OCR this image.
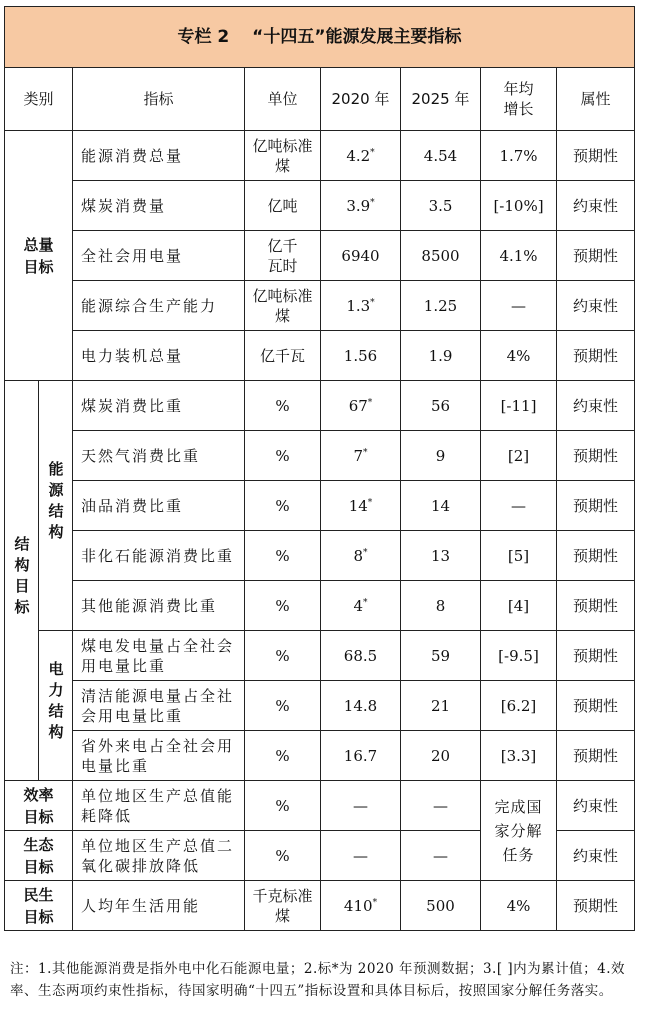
专栏 2　 “十四五”能源发展主要指标							
类别		指标	单位	2020 年	2025 年	年均增长	属性
总量目标		能源消费总量	亿吨标准煤	4.2*	4.54	1.7%	预期性
		煤炭消费量	亿吨	3.9*	3.5	[-10%]	约束性
		全社会用电量	亿千瓦时	6940	8500	4.1%	预期性
		能源综合生产能力	亿吨标准煤	1.3*	1.25	—	约束性
		电力装机总量	亿千瓦	1.56	1.9	4%	预期性
结构目标	能源结构	煤炭消费比重	%	67*	56	[-11]	约束性
		天然气消费比重	%	7*	9	[2]	预期性
		油品消费比重	%	14*	14	—	预期性
		非化石能源消费比重	%	8*	13	[5]	预期性
		其他能源消费比重	%	4*	8	[4]	预期性
	电力结构	煤电发电量占全社会用电量比重	%	68.5	59	[-9.5]	预期性
		清洁能源电量占全社会用电量比重	%	14.8	21	[6.2]	预期性
		省外来电占全社会用电量比重	%	16.7	20	[3.3]	预期性
效率目标		单位地区生产总值能耗降低	%	—	—	完成国家分解任务	约束性
生态目标		单位地区生产总值二氧化碳排放降低	%	—	—		约束性
民生目标		人均年生活用能	千克标准煤	410*	500	4%	预期性
注：1.其他能源消费是指外电中化石能源电量；2.标*为 2020 年预测数据；3.[ ]内为累计值；4.效率、生态两项约束性指标，待国家明确“十四五”指标设置和具体目标后，按照国家分解任务落实。
